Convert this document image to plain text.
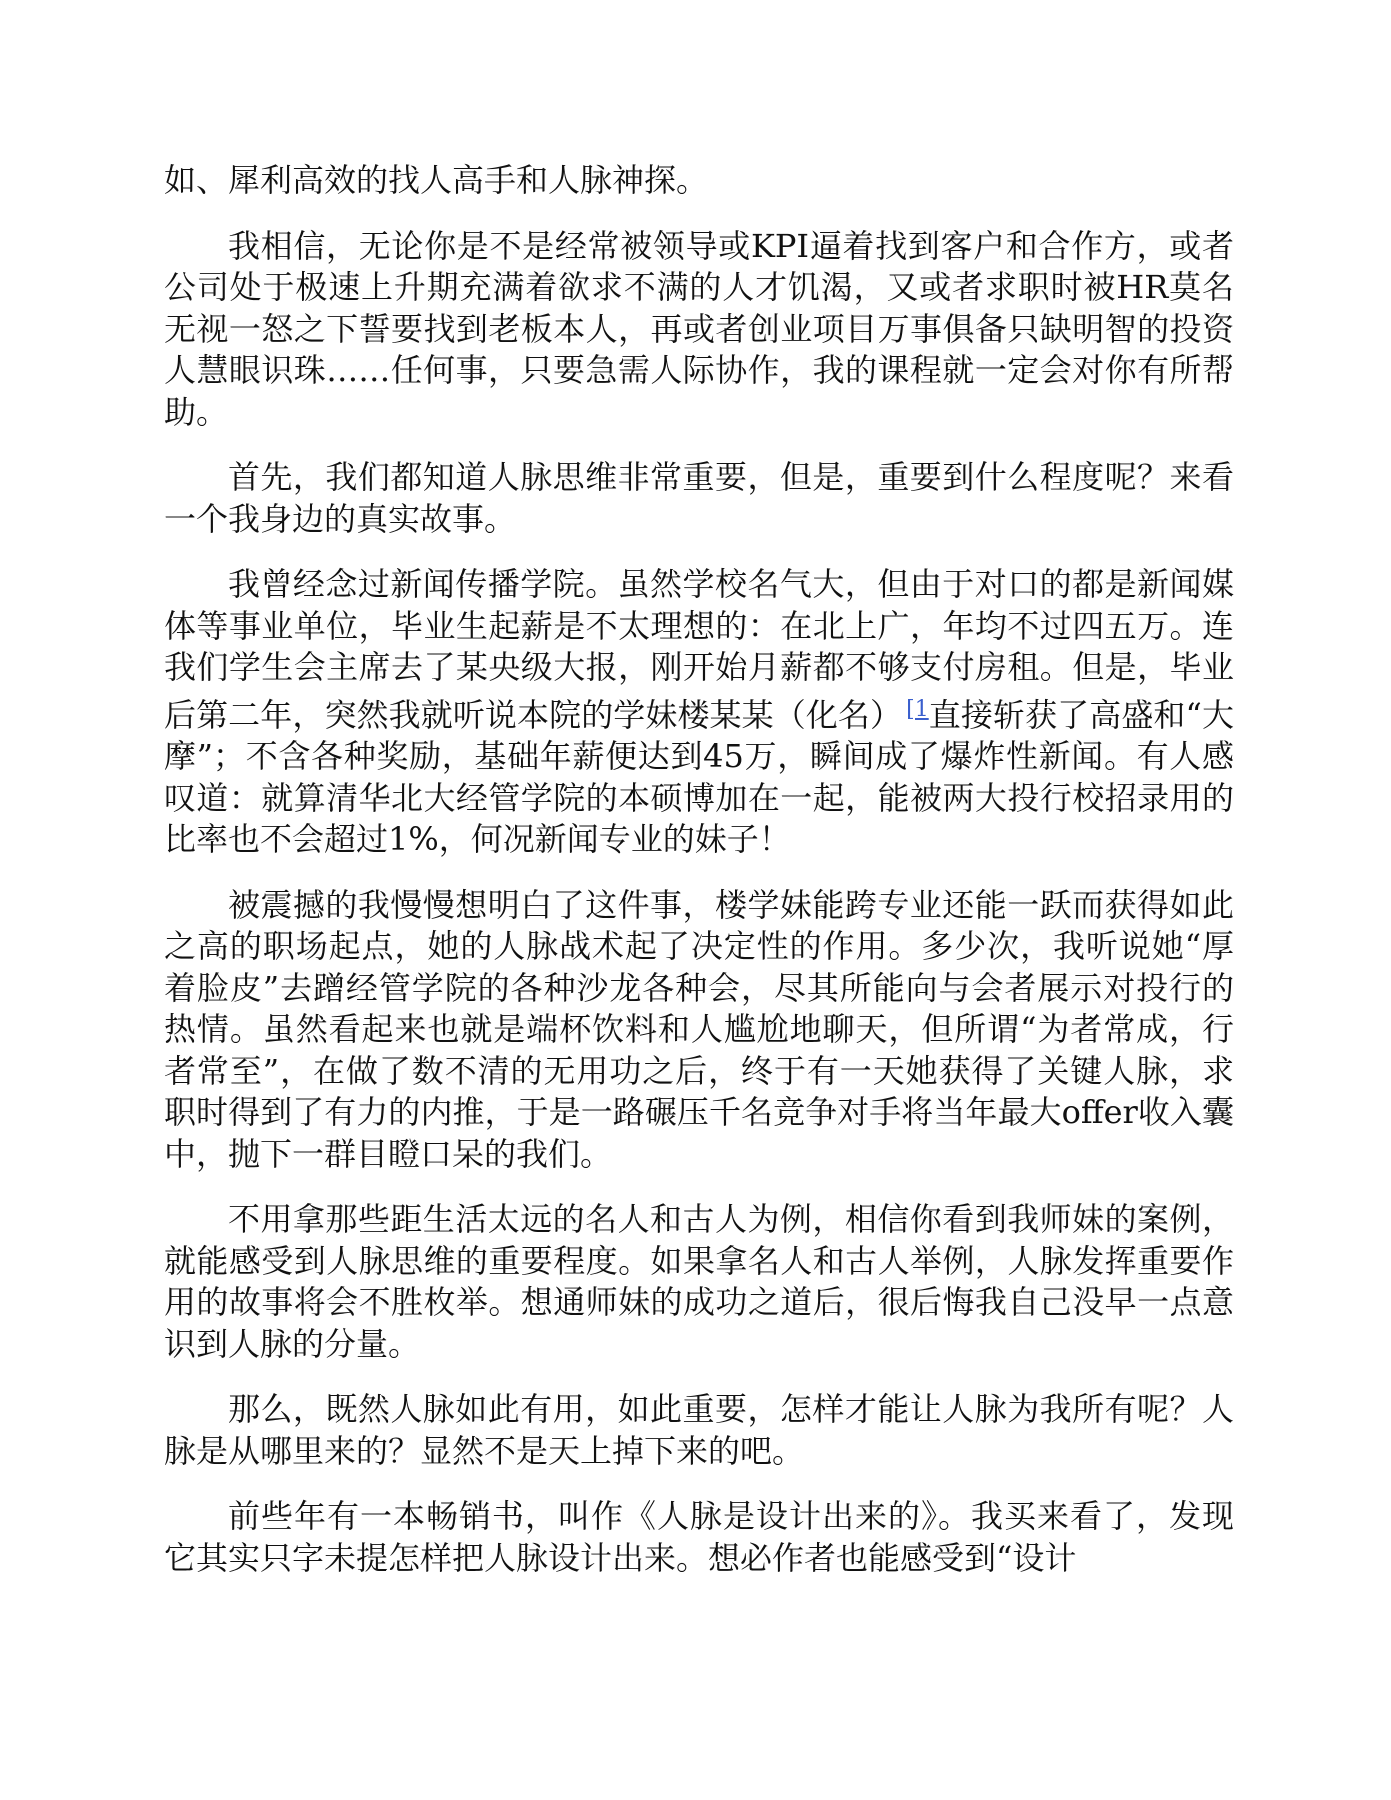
如、犀利高效的找人高手和人脉神探。

我相信，无论你是不是经常被领导或KPI逼着找到客户和合作方，或者公司处于极速上升期充满着欲求不满的人才饥渴，又或者求职时被HR莫名无视一怒之下誓要找到老板本人，再或者创业项目万事俱备只缺明智的投资人慧眼识珠……任何事，只要急需人际协作，我的课程就一定会对你有所帮助。

首先，我们都知道人脉思维非常重要，但是，重要到什么程度呢？来看一个我身边的真实故事。

我曾经念过新闻传播学院。虽然学校名气大，但由于对口的都是新闻媒体等事业单位，毕业生起薪是不太理想的：在北上广，年均不过四五万。连我们学生会主席去了某央级大报，刚开始月薪都不够支付房租。但是，毕业后第二年，突然我就听说本院的学妹楼某某（化名） $^{[1}$直接斩获了高盛和“大摩”；不含各种奖励，基础年薪便达到45万，瞬间成了爆炸性新闻。有人感叹道：就算清华北大经管学院的本硕博加在一起，能被两大投行校招录用的比率也不会超过1%，何况新闻专业的妹子！

被震撼的我慢慢想明白了这件事，楼学妹能跨专业还能一跃而获得如此之高的职场起点，她的人脉战术起了决定性的作用。多少次，我听说她“厚着脸皮”去蹭经管学院的各种沙龙各种会，尽其所能向与会者展示对投行的热情。虽然看起来也就是端杯饮料和人尴尬地聊天，但所谓“为者常成，行者常至”，在做了数不清的无用功之后，终于有一天她获得了关键人脉，求职时得到了有力的内推，于是一路碾压千名竞争对手将当年最大offer收入囊中，抛下一群目瞪口呆的我们。

不用拿那些距生活太远的名人和古人为例，相信你看到我师妹的案例，就能感受到人脉思维的重要程度。如果拿名人和古人举例，人脉发挥重要作用的故事将会不胜枚举。想通师妹的成功之道后，很后悔我自己没早一点意识到人脉的分量。

那么，既然人脉如此有用，如此重要，怎样才能让人脉为我所有呢？人脉是从哪里来的？显然不是天上掉下来的吧。

前些年有一本畅销书，叫作《人脉是设计出来的》。我买来看了，发现它其实只字未提怎样把人脉设计出来。想必作者也能感受到“设计
